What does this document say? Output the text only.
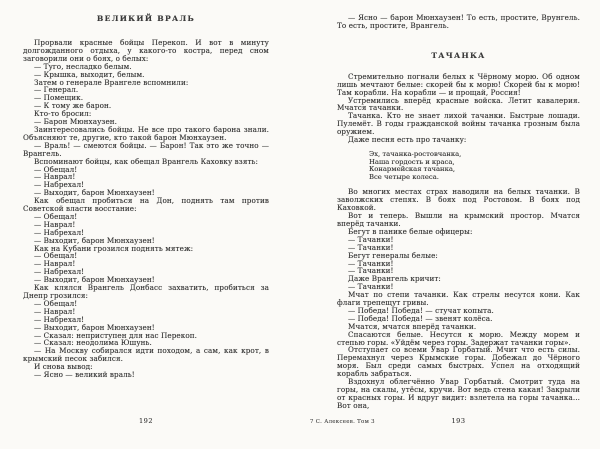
ВЕЛИКИЙ ВРАЛЬ

Прорвали красные бойцы Перекоп. И вот в минуту долгожданного отдыха, у какого-то костра, перед сном заговорили они о боях, о белых:

— Туго, несладко белым.

— Крышка, выходит, белым.

Затем о генерале Врангеле вспомнили:

— Генерал.

— Помещик.

— К тому же барон.

Кто-то бросил:

— Барон Мюнхаузен.

Заинтересовались бойцы. Не все про такого барона знали. Объясняют те, другие, кто такой барон Мюнхаузен.

— Враль! — смеются бойцы. — Барон! Так это же точно — Врангель.

Вспоминают бойцы, как обещал Врангель Каховку взять:

— Обещал!

— Наврал!

— Набрехал!

— Выходит, барон Мюнхаузен!

Как обещал пробиться на Дон, поднять там против Советской власти восстание:

— Обещал!

— Наврал!

— Набрехал!

— Выходит, барон Мюнхаузен!

Как на Кубани грозился поднять мятеж:

— Обещал!

— Наврал!

— Набрехал!

— Выходит, барон Мюнхаузен!

Как клялся Врангель Донбасс захватить, пробиться за Днепр грозился:

— Обещал!

— Наврал!

— Набрехал!

— Выходит, барон Мюнхаузен!

— Сказал: неприступен для нас Перекоп.

— Сказал: неодолима Юшунь.

— На Москву собирался идти походом, а сам, как крот, в крымский песок забился.

И снова вывод:

— Ясно — великий враль!

— Ясно — барон Мюнхаузен! То есть, простите, Врунгель. То есть, простите, Врангель.

ТАЧАНКА

Стремительно погнали белых к Чёрному морю. Об одном лишь мечтают белые: скорей бы к морю! Скорей бы к морю! Там корабли. На корабли — и прощай, Россия!

Устремились вперёд красные войска. Летит кавалерия. Мчатся тачанки.

Тачанка. Кто не знает лихой тачанки. Быстрые лошади. Пулемёт. В годы гражданской войны тачанка грозным была оружием.

Даже песня есть про тачанку:

Эх, тачанка-ростовчанка,
Наша гордость и краса,
Конармейская тачанка,
Все четыре колеса.

Во многих местах страх наводили на белых тачанки. В заволжских степях. В боях под Ростовом. В боях под Каховкой.

Вот и теперь. Вышли на крымский простор. Мчатся вперёд тачанки.

Бегут в панике белые офицеры:

— Тачанки!

— Тачанки!

Бегут генералы белые:

— Тачанки!

— Тачанки!

Даже Врангель кричит:

— Тачанки!

Мчат по степи тачанки. Как стрелы несутся кони. Как флаги трепещут гривы.

— Победа! Победа! — стучат копыта.

— Победа! Победа! — звенят колёса.

Мчатся, мчатся вперёд тачанки.

Спасаются белые. Несутся к морю. Между морем и степью горы. «Уйдём через горы. Задержат тачанки горы».

Отступает со всеми Увар Горбатый. Мчит что есть силы. Перемахнул через Крымские горы. Добежал до Чёрного моря. Был среди самых быстрых. Успел на отходящий корабль забраться.

Вздохнул облегчённо Увар Горбатый. Смотрит туда на горы, на скалы, утёсы, кручи. Вот ведь стена какая! Закрыли от красных горы. И вдруг видит: взлетела на горы тачанка... Вот она,

192	7 С. Алексеев. Том 3	193
